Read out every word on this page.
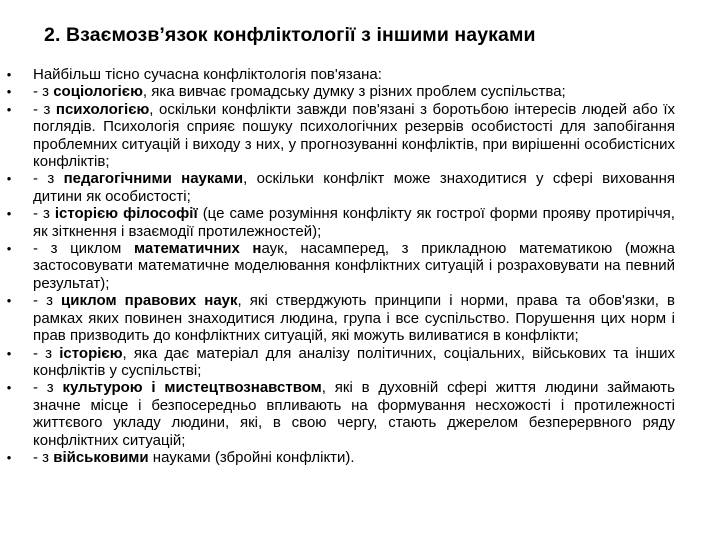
2. Взаємозв’язок конфліктології з іншими науками
• Найбільш тісно сучасна конфліктологія пов'язана:
• - з соціологією, яка вивчає громадську думку з різних проблем суспільства;
• - з психологією, оскільки конфлікти завжди пов'язані з боротьбою інтересів людей або їх поглядів. Психологія сприяє пошуку психологічних резервів особистості для запобігання проблемних ситуацій і виходу з них, у прогнозуванні конфліктів, при вирішенні особистісних конфліктів;
• - з педагогічними науками, оскільки конфлікт може знаходитися у сфері виховання дитини як особистості;
• - з історією філософії (це саме розуміння конфлікту як гострої форми прояву протиріччя, як зіткнення і взаємодії протилежностей);
• - з циклом математичних наук, насамперед, з прикладною математикою (можна застосовувати математичне моделювання конфліктних ситуацій і розраховувати на певний результат);
• - з циклом правових наук, які стверджують принципи і норми, права та обов'язки, в рамках яких повинен знаходитися людина, група і все суспільство. Порушення цих норм і прав призводить до конфліктних ситуацій, які можуть виливатися в конфлікти;
• - з історією, яка дає матеріал для аналізу політичних, соціальних, військових та інших конфліктів у суспільстві;
• - з культурою і мистецтвознавством, які в духовній сфері життя людини займають значне місце і безпосередньо впливають на формування несхожості і протилежності життєвого укладу людини, які, в свою чергу, стають джерелом безперервного ряду конфліктних ситуацій;
• - з військовими науками (збройні конфлікти).
